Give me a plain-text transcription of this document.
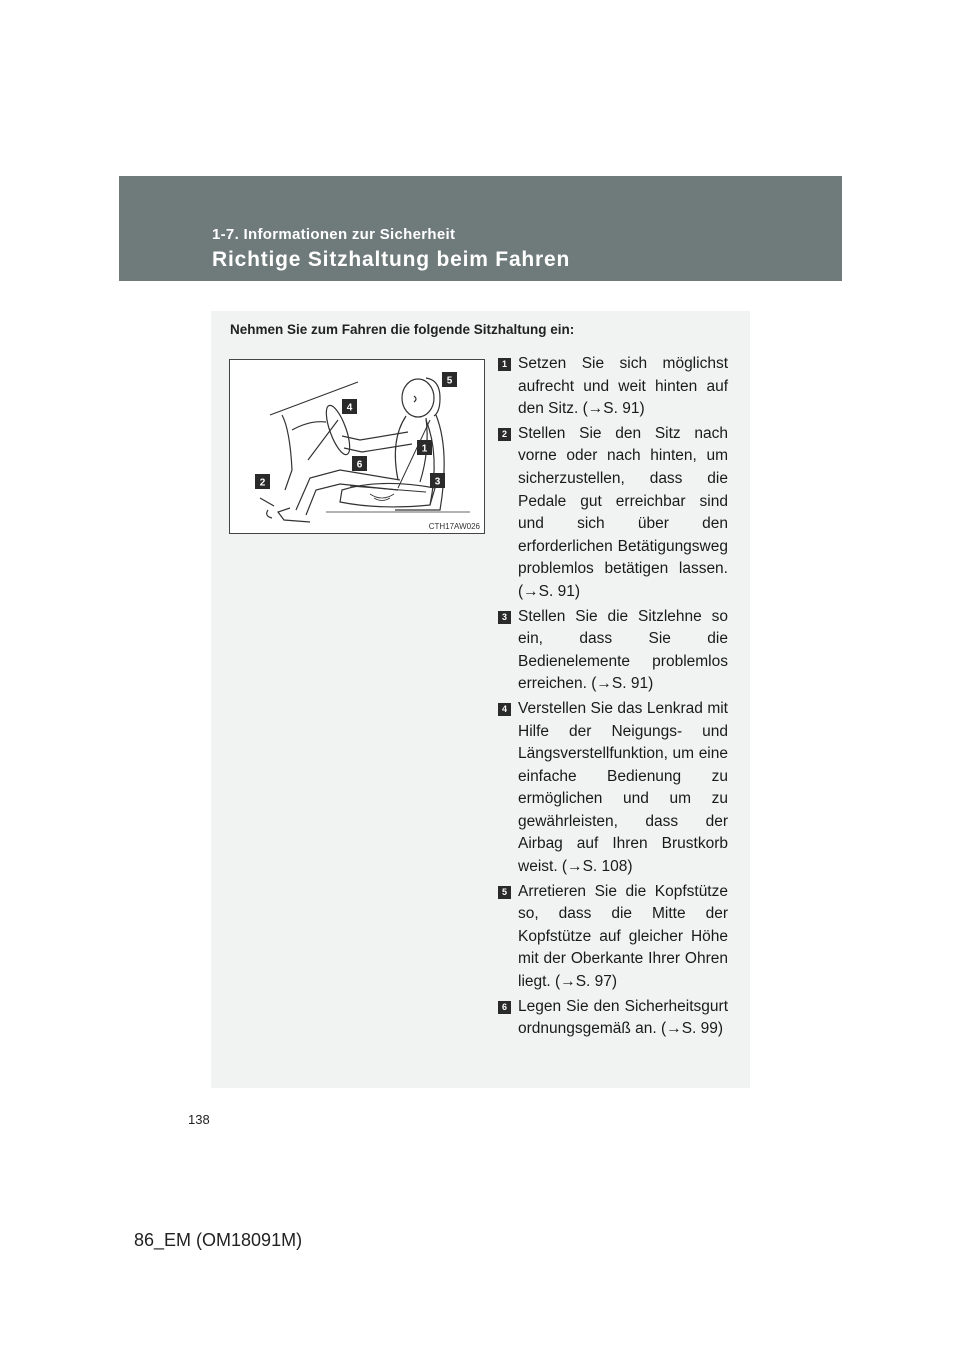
1-7. Informationen zur Sicherheit
Richtige Sitzhaltung beim Fahren
Nehmen Sie zum Fahren die folgende Sitzhaltung ein:
5
4
1
6
2	3
CTH17AW026
1 Setzen Sie sich möglichst aufrecht und weit hinten auf den Sitz. (→S. 91)
2 Stellen Sie den Sitz nach vorne oder nach hinten, um sicherzustellen, dass die Pedale gut erreichbar sind und sich über den erforderlichen Betätigungsweg problemlos betätigen lassen. (→S. 91)
3 Stellen Sie die Sitzlehne so ein, dass Sie die Bedienelemente problemlos erreichen. (→S. 91)
4 Verstellen Sie das Lenkrad mit Hilfe der Neigungs- und Längsverstellfunktion, um eine einfache Bedienung zu ermöglichen und um zu gewährleisten, dass der Airbag auf Ihren Brustkorb weist. (→S. 108)
5 Arretieren Sie die Kopfstütze so, dass die Mitte der Kopfstütze auf gleicher Höhe mit der Oberkante Ihrer Ohren liegt. (→S. 97)
6 Legen Sie den Sicherheitsgurt ordnungsgemäß an. (→S. 99)
138
86_EM (OM18091M)
